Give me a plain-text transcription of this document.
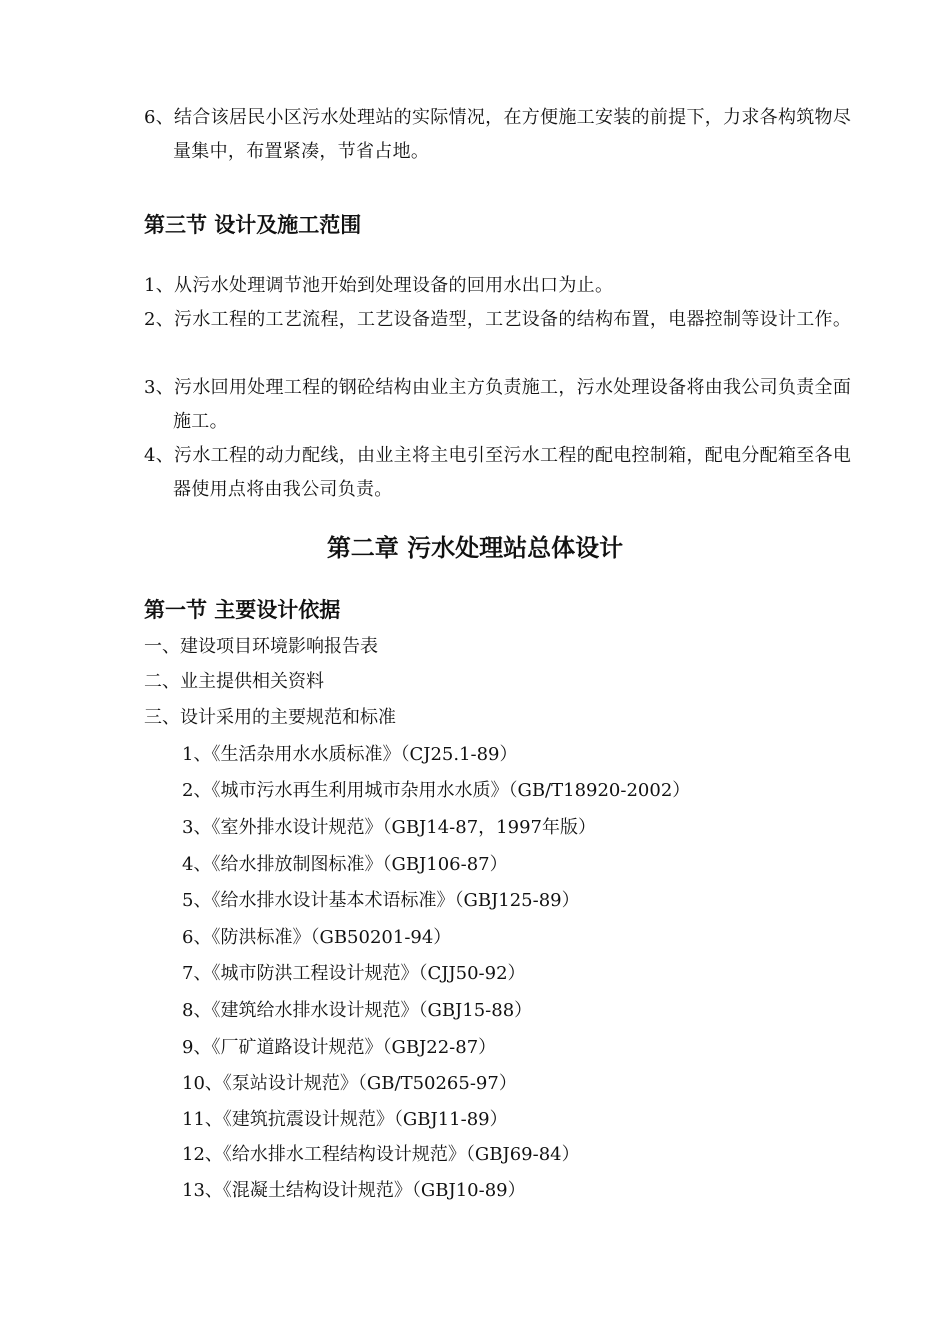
6、结合该居民小区污水处理站的实际情况，在方便施工安装的前提下，力求各构筑物尽量集中，布置紧凑，节省占地。
第三节 设计及施工范围
1、从污水处理调节池开始到处理设备的回用水出口为止。
2、污水工程的工艺流程，工艺设备造型，工艺设备的结构布置，电器控制等设计工作。
3、污水回用处理工程的钢砼结构由业主方负责施工，污水处理设备将由我公司负责全面施工。
4、污水工程的动力配线，由业主将主电引至污水工程的配电控制箱，配电分配箱至各电器使用点将由我公司负责。
第二章 污水处理站总体设计
第一节 主要设计依据
一、建设项目环境影响报告表
二、业主提供相关资料
三、设计采用的主要规范和标准
1、《生活杂用水水质标准》（CJ25.1-89）
2、《城市污水再生利用城市杂用水水质》（GB/T18920-2002）
3、《室外排水设计规范》（GBJ14-87，1997年版）
4、《给水排放制图标准》（GBJ106-87）
5、《给水排水设计基本术语标准》（GBJ125-89）
6、《防洪标准》（GB50201-94）
7、《城市防洪工程设计规范》（CJJ50-92）
8、《建筑给水排水设计规范》（GBJ15-88）
9、《厂矿道路设计规范》（GBJ22-87）
10、《泵站设计规范》（GB/T50265-97）
11、《建筑抗震设计规范》（GBJ11-89）
12、《给水排水工程结构设计规范》（GBJ69-84）
13、《混凝土结构设计规范》（GBJ10-89）
